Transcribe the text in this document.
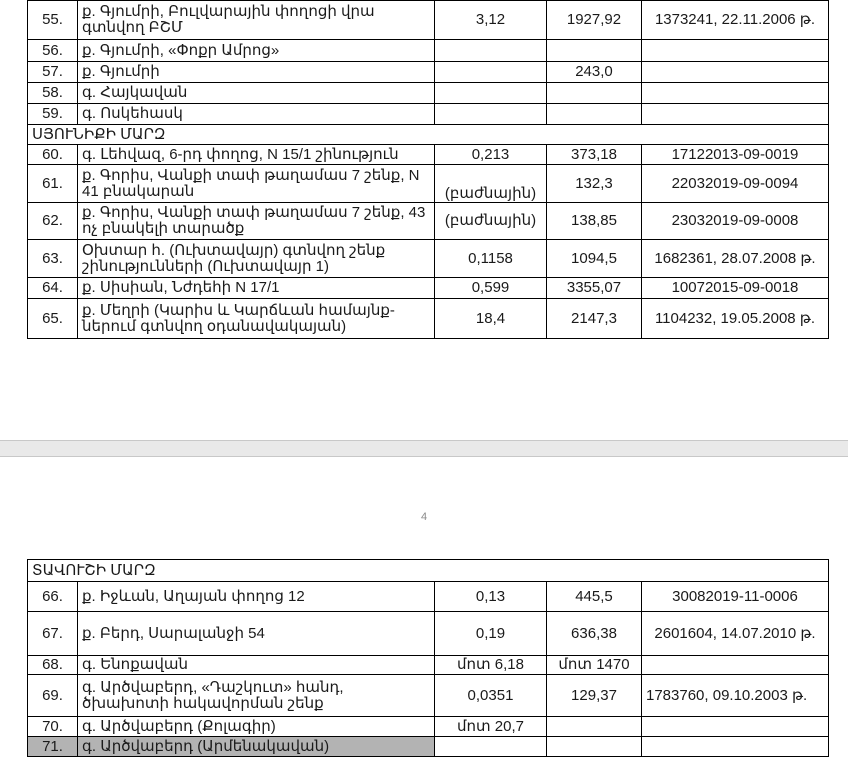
55.	ք. Գյումրի, Բուլվարային փողոցի վրա գտնվող ԲՇՄ	3,12	1927,92	1373241, 22.11.2006 թ.
56.	ք. Գյումրի, «Փոքր Ամրոց»			
57.	ք. Գյումրի		243,0	
58.	գ. Հայկավան			
59.	գ. Ոսկեհասկ			
ՍՅՈՒՆԻՔԻ ՄԱՐԶ				
60.	գ. Լեհվազ, 6-րդ փողոց, N 15/1 շինություն	0,213	373,18	17122013-09-0019
61.	ք. Գորիս, Վանքի տափ թաղամաս 7 շենք, N 41 բնակարան	(բաժնային)	132,3	22032019-09-0094
62.	ք. Գորիս, Վանքի տափ թաղամաս 7 շենք, 43 ոչ բնակելի տարածք	(բաժնային)	138,85	23032019-09-0008
63.	Օխտար հ. (Ուխտավայր) գտնվող շենք շինությունների (Ուխտավայր 1)	0,1158	1094,5	1682361, 28.07.2008 թ.
64.	ք. Սիսիան, Նժդեհի N 17/1	0,599	3355,07	10072015-09-0018
65.	ք. Մեղրի (Կարիս և Կարճևան համայնք-ներում գտնվող օդանավակայան)	18,4	2147,3	1104232, 19.05.2008 թ.
4
ՏԱՎՈՒՇԻ ՄԱՐԶ				
66.	ք. Իջևան, Աղայան փողոց 12	0,13	445,5	30082019-11-0006
67.	ք. Բերդ, Սարալանջի 54	0,19	636,38	2601604, 14.07.2010 թ.
68.	գ. Ենոքավան	մոտ 6,18	մոտ 1470	
69.	գ. Արծվաբերդ, «Դաշկուտ» հանդ, ծխախոտի հակավորման շենք	0,0351	129,37	1783760, 09.10.2003 թ.
70.	գ. Արծվաբերդ (Քոլագիր)	մոտ 20,7		
71.	գ. Արծվաբերդ (Արմենակավան)			
